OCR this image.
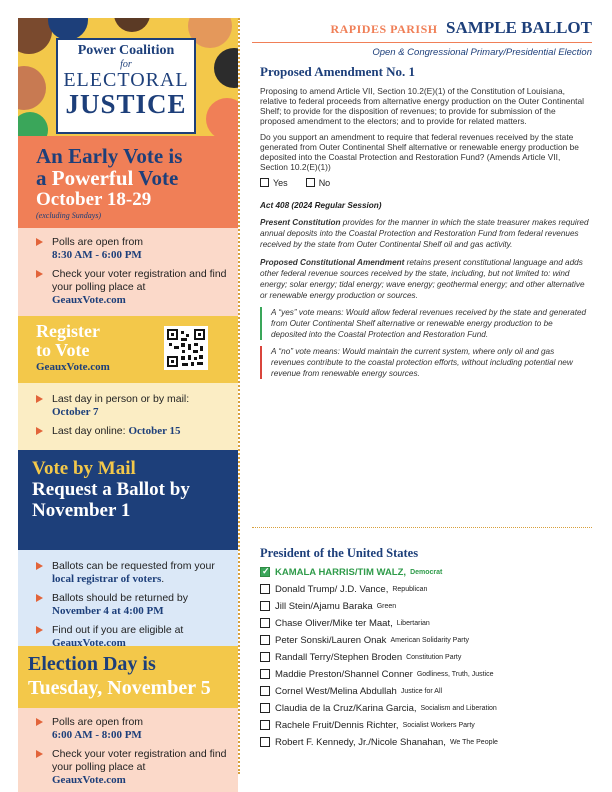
Power Coalition
for
ELECTORAL
JUSTICE
An Early Vote is
a Powerful Vote
October 18-29
(excluding Sundays)
Polls are open from
8:30 AM - 6:00 PM
Check your voter registration and find your polling place at
GeauxVote.com
Register
to Vote
GeauxVote.com
Last day in person or by mail:
October 7
Last day online: October 15
Vote by Mail
Request a Ballot by
November 1
Ballots can be requested from your local registrar of voters.
Ballots should be returned by
November 4 at 4:00 PM
Find out if you are eligible at
GeauxVote.com
Election Day is
Tuesday, November 5
Polls are open from
6:00 AM - 8:00 PM
Check your voter registration and find your polling place at
GeauxVote.com
RAPIDES PARISH SAMPLE BALLOT
Open & Congressional Primary/Presidential Election
Proposed Amendment No. 1

Proposing to amend Article VII, Section 10.2(E)(1) of the Constitution of Louisiana, relative to federal proceeds from alternative energy production on the Outer Continental Shelf; to provide for the disposition of revenues; to provide for submission of the proposed amendment to the electors; and to provide for related matters.

Do you support an amendment to require that federal revenues received by the state generated from Outer Continental Shelf alternative or renewable energy production be deposited into the Coastal Protection and Restoration Fund? (Amends Article VII, Section 10.2(E)(1))

Yes	No
Act 408 (2024 Regular Session)
Present Constitution provides for the manner in which the state treasurer makes required annual deposits into the Coastal Protection and Restoration Fund from federal revenues received by the state from Outer Continental Shelf oil and gas activity.
Proposed Constitutional Amendment retains present constitutional language and adds other federal revenue sources received by the state, including, but not limited to: wind energy; solar energy; tidal energy; wave energy; geothermal energy; and other alternative or renewable energy production or sources.
A “yes” vote means: Would allow federal revenues received by the state and generated from Outer Continental Shelf alternative or renewable energy production to be deposited into the Coastal Protection and Restoration Fund.
A “no” vote means: Would maintain the current system, where only oil and gas revenues contribute to the coastal protection efforts, without including potential new revenue from renewable energy sources.
President of the United States
✓
KAMALA HARRIS/TIM WALZ, Democrat
Donald Trump/ J.D. Vance, Republican
Jill Stein/Ajamu Baraka Green
Chase Oliver/Mike ter Maat, Libertarian
Peter Sonski/Lauren Onak American Solidarity Party
Randall Terry/Stephen Broden Constitution Party
Maddie Preston/Shannel Conner Godliness, Truth, Justice
Cornel West/Melina Abdullah Justice for All
Claudia de la Cruz/Karina Garcia, Socialism and Liberation
Rachele Fruit/Dennis Richter, Socialist Workers Party
Robert F. Kennedy, Jr./Nicole Shanahan, We The People
